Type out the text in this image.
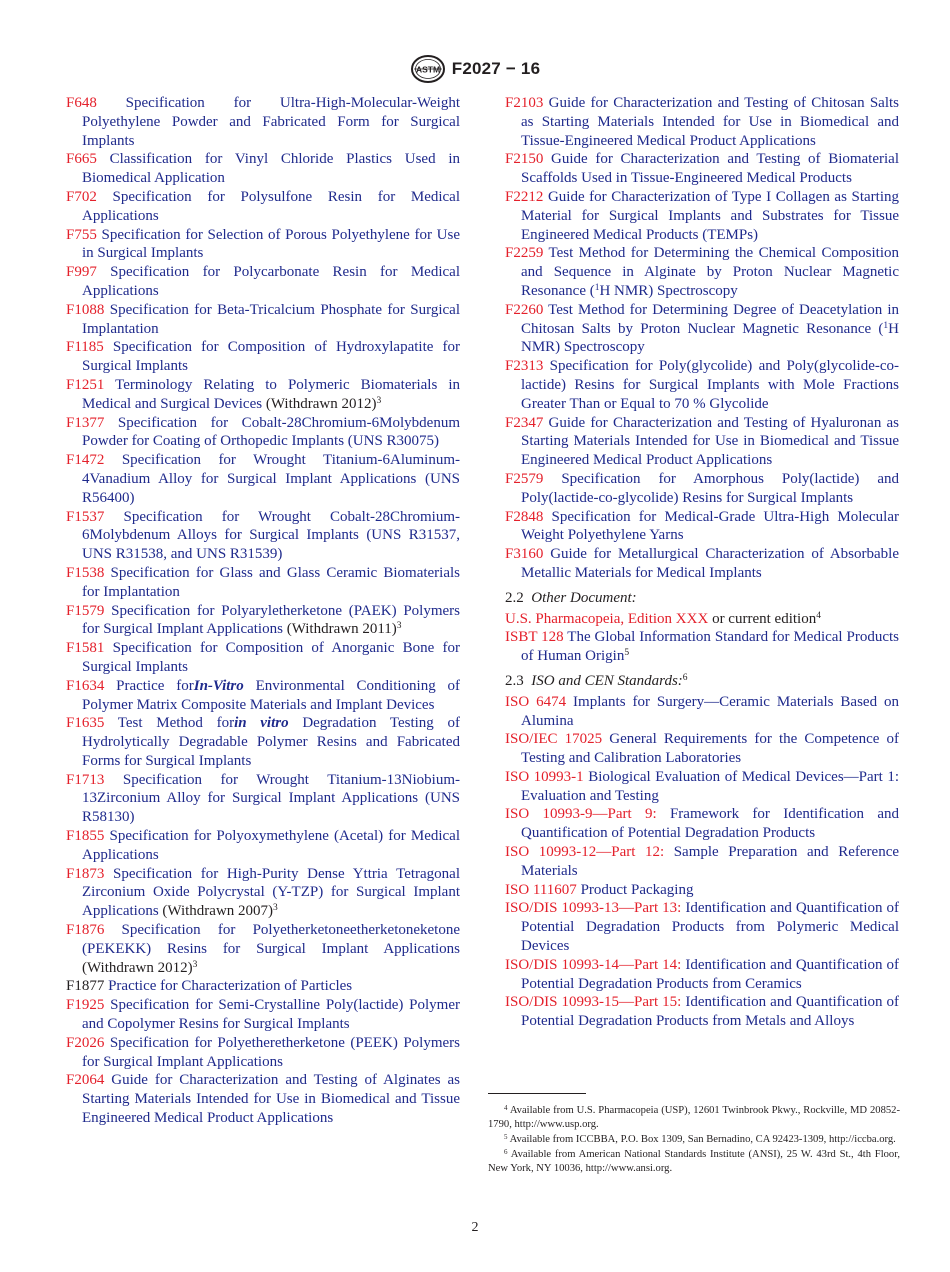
ASTM F2027 − 16

F648 Specification for Ultra-High-Molecular-Weight Polyethylene Powder and Fabricated Form for Surgical Implants

F665 Classification for Vinyl Chloride Plastics Used in Biomedical Application

F702 Specification for Polysulfone Resin for Medical Applications

F755 Specification for Selection of Porous Polyethylene for Use in Surgical Implants

F997 Specification for Polycarbonate Resin for Medical Applications

F1088 Specification for Beta-Tricalcium Phosphate for Surgical Implantation

F1185 Specification for Composition of Hydroxylapatite for Surgical Implants

F1251 Terminology Relating to Polymeric Biomaterials in Medical and Surgical Devices (Withdrawn 2012)$^3$

F1377 Specification for Cobalt-28Chromium-6Molybdenum Powder for Coating of Orthopedic Implants (UNS R30075)

F1472 Specification for Wrought Titanium-6Aluminum-4Vanadium Alloy for Surgical Implant Applications (UNS R56400)

F1537 Specification for Wrought Cobalt-28Chromium-6Molybdenum Alloys for Surgical Implants (UNS R31537, UNS R31538, and UNS R31539)

F1538 Specification for Glass and Glass Ceramic Biomaterials for Implantation

F1579 Specification for Polyaryletherketone (PAEK) Polymers for Surgical Implant Applications (Withdrawn 2011)$^3$

F1581 Specification for Composition of Anorganic Bone for Surgical Implants

F1634 Practice forIn-Vitro Environmental Conditioning of Polymer Matrix Composite Materials and Implant Devices

F1635 Test Method forin vitro Degradation Testing of Hydrolytically Degradable Polymer Resins and Fabricated Forms for Surgical Implants

F1713 Specification for Wrought Titanium-13Niobium-13Zirconium Alloy for Surgical Implant Applications (UNS R58130)

F1855 Specification for Polyoxymethylene (Acetal) for Medical Applications

F1873 Specification for High-Purity Dense Yttria Tetragonal Zirconium Oxide Polycrystal (Y-TZP) for Surgical Implant Applications (Withdrawn 2007)$^3$

F1876 Specification for Polyetherketoneetherketoneketone (PEKEKK) Resins for Surgical Implant Applications (Withdrawn 2012)$^3$

F1877 Practice for Characterization of Particles

F1925 Specification for Semi-Crystalline Poly(lactide) Polymer and Copolymer Resins for Surgical Implants

F2026 Specification for Polyetheretherketone (PEEK) Polymers for Surgical Implant Applications

F2064 Guide for Characterization and Testing of Alginates as Starting Materials Intended for Use in Biomedical and Tissue Engineered Medical Product Applications

F2103 Guide for Characterization and Testing of Chitosan Salts as Starting Materials Intended for Use in Biomedical and Tissue-Engineered Medical Product Applications

F2150 Guide for Characterization and Testing of Biomaterial Scaffolds Used in Tissue-Engineered Medical Products

F2212 Guide for Characterization of Type I Collagen as Starting Material for Surgical Implants and Substrates for Tissue Engineered Medical Products (TEMPs)

F2259 Test Method for Determining the Chemical Composition and Sequence in Alginate by Proton Nuclear Magnetic Resonance ($^1$H NMR) Spectroscopy

F2260 Test Method for Determining Degree of Deacetylation in Chitosan Salts by Proton Nuclear Magnetic Resonance ($^1$H NMR) Spectroscopy

F2313 Specification for Poly(glycolide) and Poly(glycolide-co-lactide) Resins for Surgical Implants with Mole Fractions Greater Than or Equal to 70 % Glycolide

F2347 Guide for Characterization and Testing of Hyaluronan as Starting Materials Intended for Use in Biomedical and Tissue Engineered Medical Product Applications

F2579 Specification for Amorphous Poly(lactide) and Poly(lactide-co-glycolide) Resins for Surgical Implants

F2848 Specification for Medical-Grade Ultra-High Molecular Weight Polyethylene Yarns

F3160 Guide for Metallurgical Characterization of Absorbable Metallic Materials for Medical Implants

2.2 Other Document:

U.S. Pharmacopeia, Edition XXX or current edition$^4$

ISBT 128 The Global Information Standard for Medical Products of Human Origin$^5$

2.3 ISO and CEN Standards:$^6$

ISO 6474 Implants for Surgery—Ceramic Materials Based on Alumina

ISO/IEC 17025 General Requirements for the Competence of Testing and Calibration Laboratories

ISO 10993-1 Biological Evaluation of Medical Devices—Part 1: Evaluation and Testing

ISO 10993-9—Part 9: Framework for Identification and Quantification of Potential Degradation Products

ISO 10993-12—Part 12: Sample Preparation and Reference Materials

ISO 111607 Product Packaging

ISO/DIS 10993-13—Part 13: Identification and Quantification of Potential Degradation Products from Polymeric Medical Devices

ISO/DIS 10993-14—Part 14: Identification and Quantification of Potential Degradation Products from Ceramics

ISO/DIS 10993-15—Part 15: Identification and Quantification of Potential Degradation Products from Metals and Alloys

$^4$ Available from U.S. Pharmacopeia (USP), 12601 Twinbrook Pkwy., Rockville, MD 20852-1790, http://www.usp.org.

$^5$ Available from ICCBBA, P.O. Box 1309, San Bernadino, CA 92423-1309, http://iccba.org.

$^6$ Available from American National Standards Institute (ANSI), 25 W. 43rd St., 4th Floor, New York, NY 10036, http://www.ansi.org.

2
